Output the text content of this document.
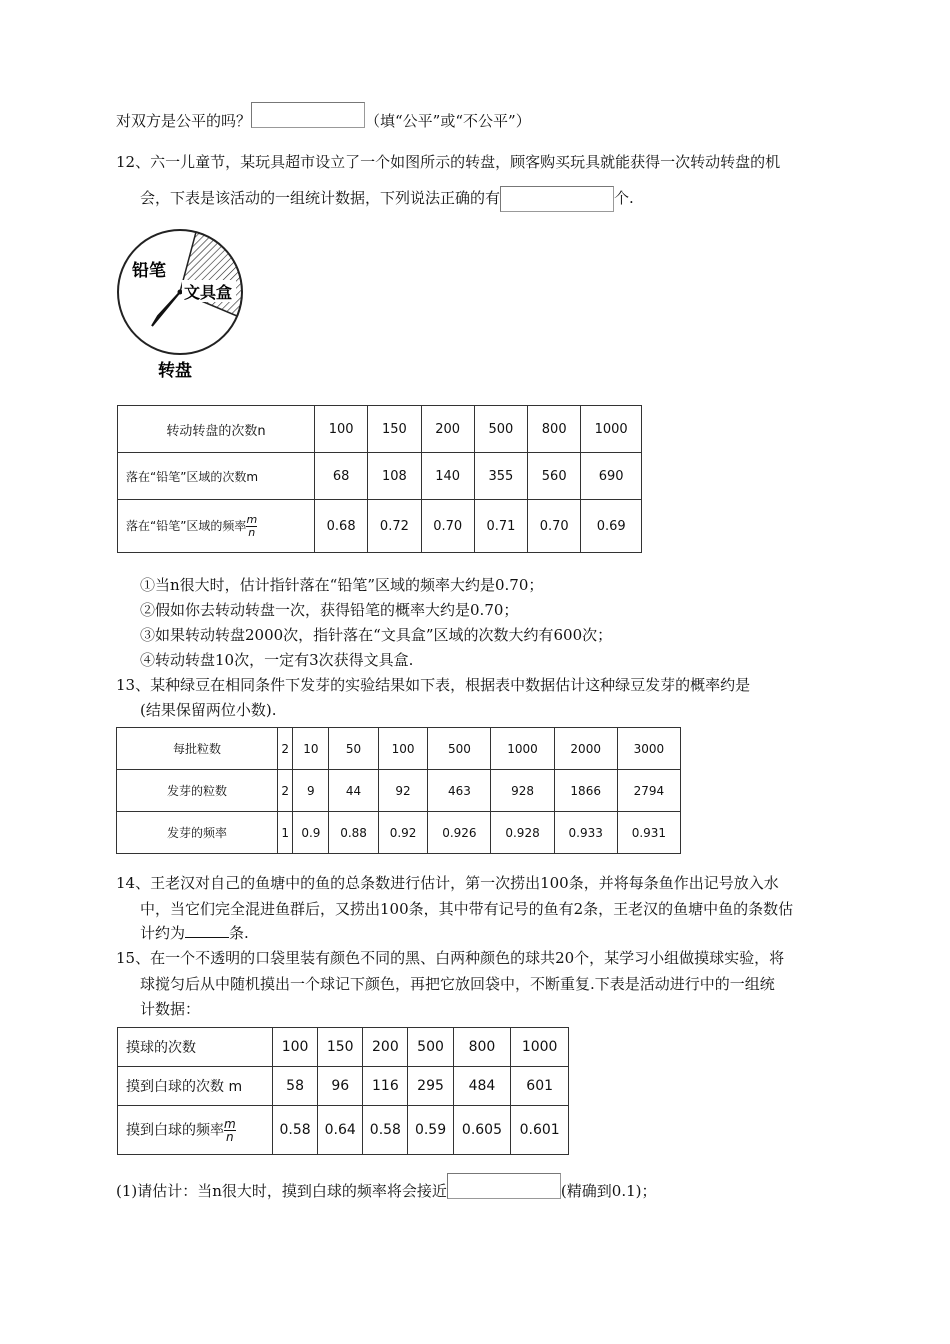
对双方是公平的吗？	（填“公平”或“不公平”）
12、六一儿童节，某玩具超市设立了一个如图所示的转盘，顾客购买玩具就能获得一次转动转盘的机
会，下表是该活动的一组统计数据，下列说法正确的有	个.
铅笔
文具盒
转盘
转动转盘的次数n	100	150	200	500	800	1000
落在“铅笔”区域的次数m	68	108	140	355	560	690
落在“铅笔”区域的频率 $\frac{m}{n}$	0.68	0.72	0.70	0.71	0.70	0.69
①当n很大时，估计指针落在“铅笔”区域的频率大约是0.70；
②假如你去转动转盘一次，获得铅笔的概率大约是0.70；
③如果转动转盘2000次，指针落在“文具盒”区域的次数大约有600次；
④转动转盘10次，一定有3次获得文具盒.
13、某种绿豆在相同条件下发芽的实验结果如下表，根据表中数据估计这种绿豆发芽的概率约是
(结果保留两位小数).
每批粒数	2	10	50	100	500	1000	2000	3000
发芽的粒数	2	9	44	92	463	928	1866	2794
发芽的频率	1	0.9	0.88	0.92	0.926	0.928	0.933	0.931
14、王老汉对自己的鱼塘中的鱼的总条数进行估计，第一次捞出100条，并将每条鱼作出记号放入水
中，当它们完全混进鱼群后，又捞出100条，其中带有记号的鱼有2条，王老汉的鱼塘中鱼的条数估
计约为	条.
15、在一个不透明的口袋里装有颜色不同的黑、白两种颜色的球共20个，某学习小组做摸球实验，将
球搅匀后从中随机摸出一个球记下颜色，再把它放回袋中，不断重复.下表是活动进行中的一组统
计数据：
摸球的次数	100	150	200	500	800	1000
摸到白球的次数 m	58	96	116	295	484	601
摸到白球的频率 $\frac{m}{n}$	0.58	0.64	0.58	0.59	0.605	0.601
(1)请估计：当n很大时，摸到白球的频率将会接近	(精确到0.1)；
